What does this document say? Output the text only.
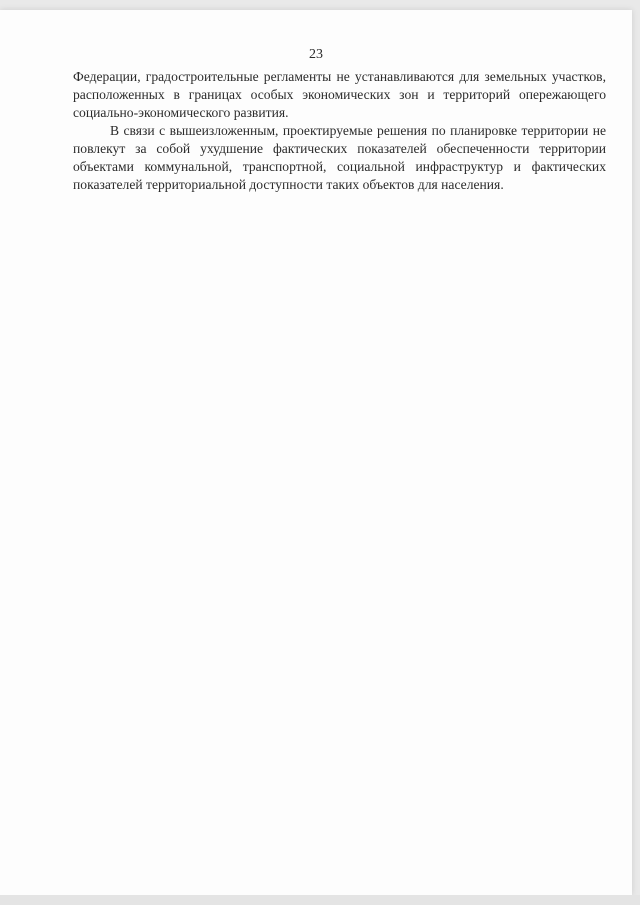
23

Федерации, градостроительные регламенты не устанавливаются для земельных участков, расположенных в границах особых экономических зон и территорий опережающего социально-экономического развития.

В связи с вышеизложенным, проектируемые решения по планировке территории не повлекут за собой ухудшение фактических показателей обеспеченности территории объектами коммунальной, транспортной, социальной инфраструктур и фактических показателей территориальной доступности таких объектов для населения.
